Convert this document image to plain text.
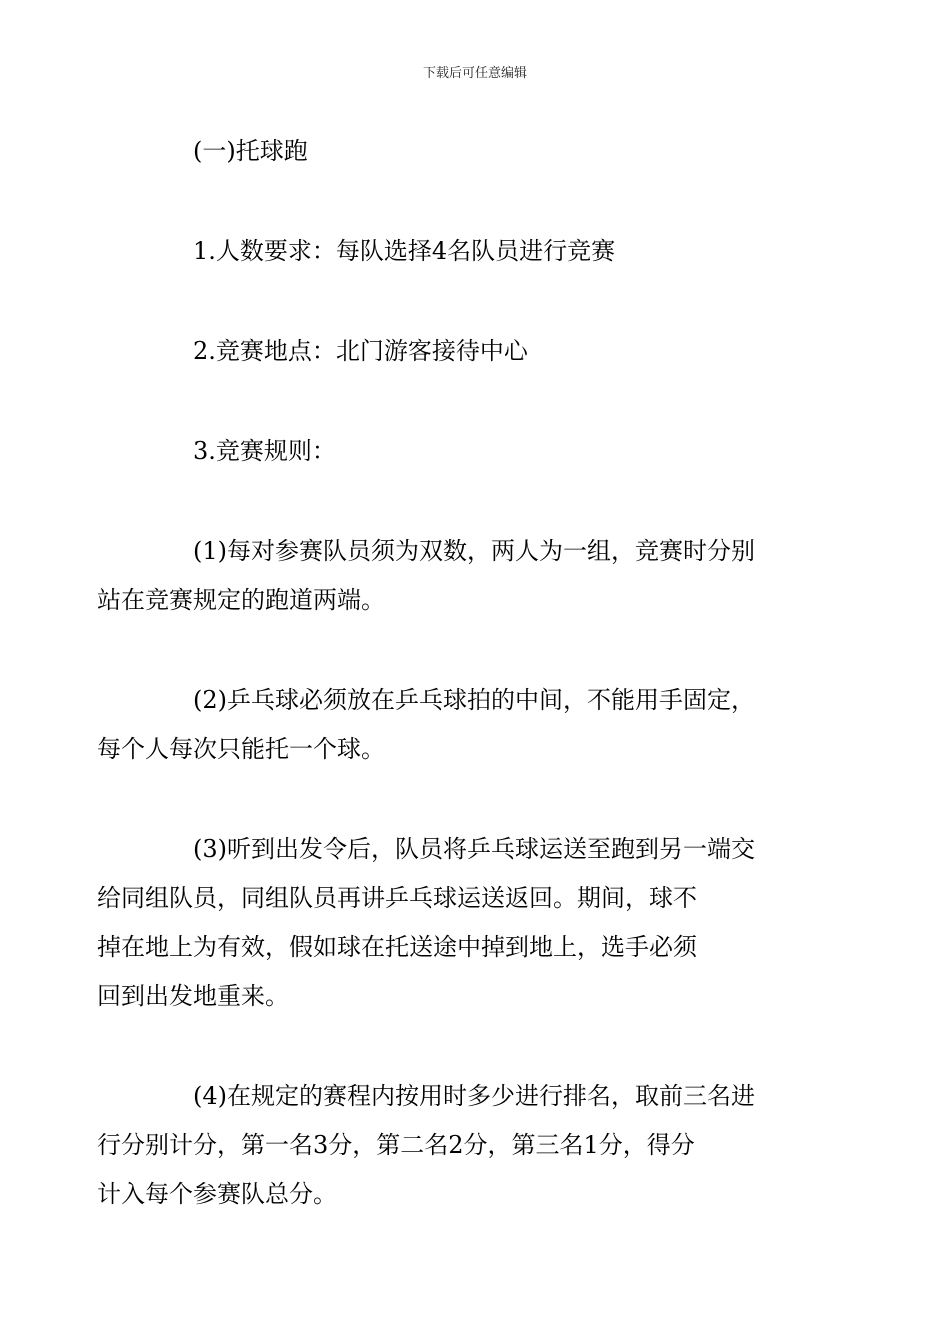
下载后可任意编辑
(一)托球跑
1.人数要求：每队选择4名队员进行竞赛
2.竞赛地点：北门游客接待中心
3.竞赛规则：
(1)每对参赛队员须为双数，两人为一组，竞赛时分别
站在竞赛规定的跑道两端。
(2)乒乓球必须放在乒乓球拍的中间，不能用手固定，
每个人每次只能托一个球。
(3)听到出发令后，队员将乒乓球运送至跑到另一端交
给同组队员，同组队员再讲乒乓球运送返回。期间，球不
掉在地上为有效，假如球在托送途中掉到地上，选手必须
回到出发地重来。
(4)在规定的赛程内按用时多少进行排名，取前三名进
行分别计分，第一名3分，第二名2分，第三名1分，得分
计入每个参赛队总分。
